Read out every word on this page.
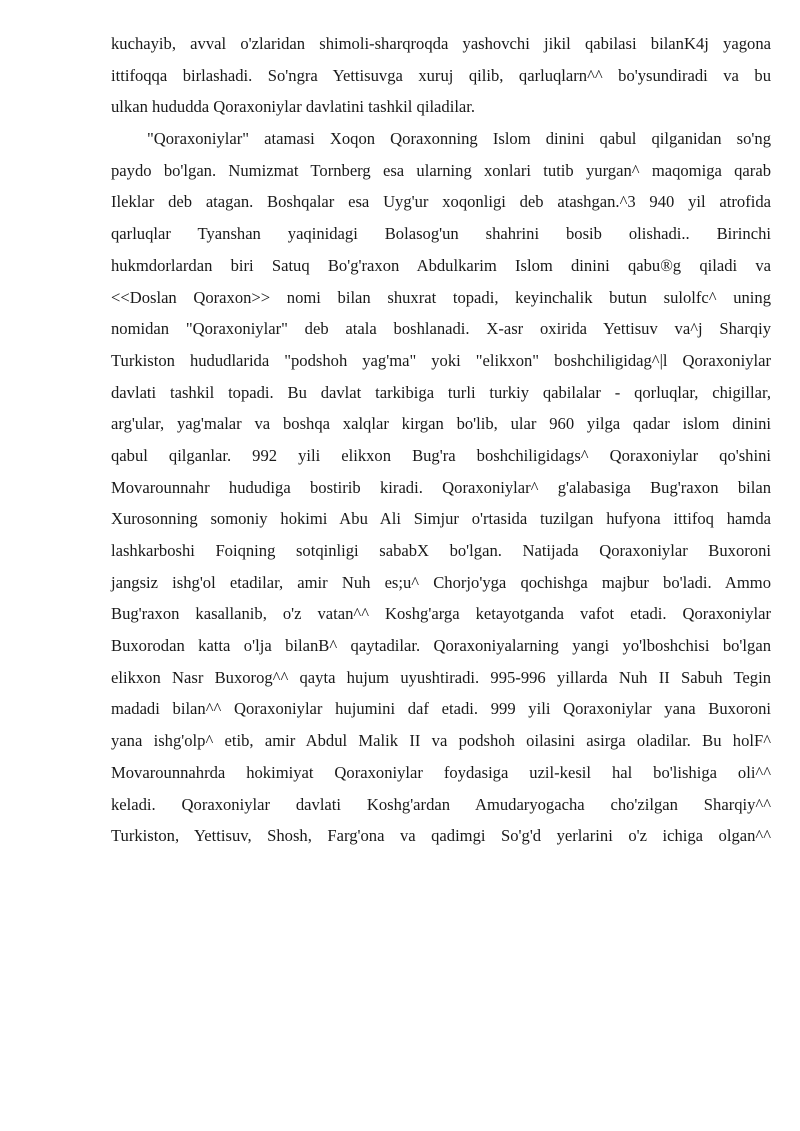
kuchayib, avval o'zlaridan shimoli-sharqroqda yashovchi jikil qabilasi bilanK4j yagona
ittifoqqa birlashadi. So'ngra Yettisuvga xuruj qilib, qarluqlarn^^ bo'ysundiradi va bu
ulkan hududda Qoraxoniylar davlatini tashkil qiladilar.

"Qoraxoniylar" atamasi Xoqon Qoraxonning Islom dinini qabul qilganidan so'ng
paydo bo'lgan. Numizmat Tornberg esa ularning xonlari tutib yurgan^ maqomiga qarab
Ileklar deb atagan. Boshqalar esa Uyg'ur xoqonligi deb atashgan.^3 940 yil atrofida
qarluqlar Tyanshan yaqinidagi Bolasog'un shahrini bosib olishadi.. Birinchi
hukmdorlardan biri Satuq Bo'g'raxon Abdulkarim Islom dinini qabu®g qiladi va
<<Doslan Qoraxon>> nomi bilan shuxrat topadi, keyinchalik butun sulolfc^ uning
nomidan "Qoraxoniylar" deb atala boshlanadi. X-asr oxirida Yettisuv va^j Sharqiy
Turkiston hududlarida "podshoh yag'ma" yoki "elikxon" boshchiligidag^|l Qoraxoniylar
davlati tashkil topadi. Bu davlat tarkibiga turli turkiy qabilalar - qorluqlar, chigillar,
arg'ular, yag'malar va boshqa xalqlar kirgan bo'lib, ular 960 yilga qadar islom dinini
qabul qilganlar. 992 yili elikxon Bug'ra boshchiligidags^ Qoraxoniylar qo'shini
Movarounnahr hududiga bostirib kiradi. Qoraxoniylar^ g'alabasiga Bug'raxon bilan
Xurosonning somoniy hokimi Abu Ali Simjur o'rtasida tuzilgan hufyona ittifoq hamda
lashkarboshi Foiqning sotqinligi sababX bo'lgan. Natijada Qoraxoniylar Buxoroni
jangsiz ishg'ol etadilar, amir Nuh es;u^ Chorjo'yga qochishga majbur bo'ladi. Ammo
Bug'raxon kasallanib, o'z vatan^^ Koshg'arga ketayotganda vafot etadi. Qoraxoniylar
Buxorodan katta o'lja bilanB^ qaytadilar. Qoraxoniyalarning yangi yo'lboshchisi bo'lgan
elikxon Nasr Buxorog^^ qayta hujum uyushtiradi. 995-996 yillarda Nuh II Sabuh Tegin
madadi bilan^^ Qoraxoniylar hujumini daf etadi. 999 yili Qoraxoniylar yana Buxoroni
yana ishg'olp^ etib, amir Abdul Malik II va podshoh oilasini asirga oladilar. Bu holF^
Movarounnahrda hokimiyat Qoraxoniylar foydasiga uzil-kesil hal bo'lishiga oli^^
keladi. Qoraxoniylar davlati Koshg'ardan Amudaryogacha cho'zilgan Sharqiy^^
Turkiston, Yettisuv, Shosh, Farg'ona va qadimgi So'g'd yerlarini o'z ichiga olgan^^
